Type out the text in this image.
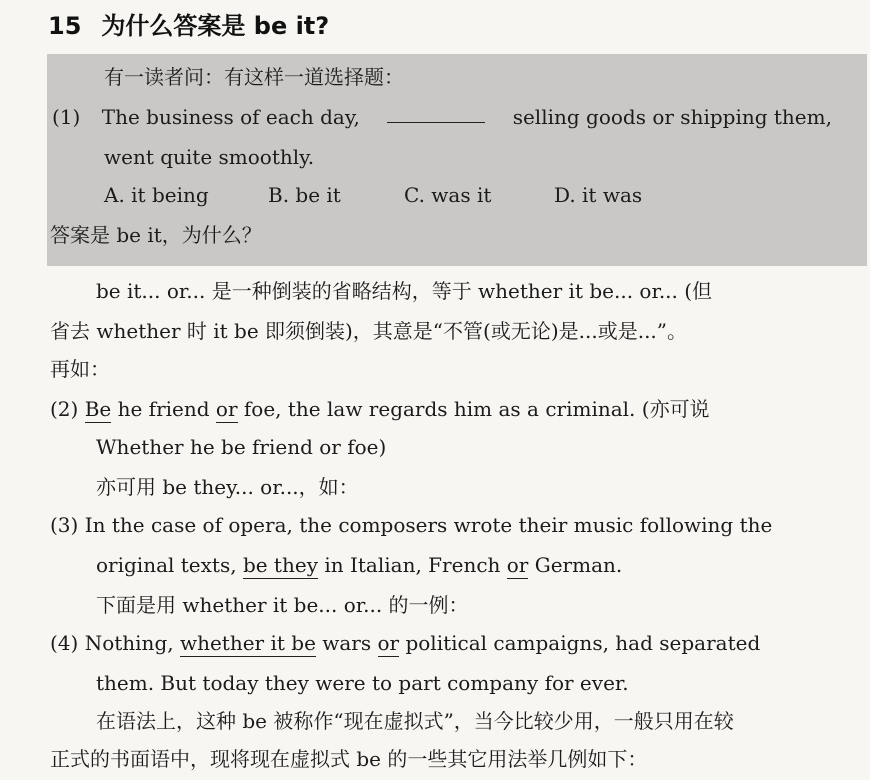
15 为什么答案是 be it?
有一读者问：有这样一道选择题：
(1) The business of each day,	selling goods or shipping them,
went quite smoothly.
A. it being	B. be it	C. was it	D. it was
答案是 be it，为什么？
be it... or... 是一种倒装的省略结构，等于 whether it be... or... (但
省去 whether 时 it be 即须倒装)，其意是“不管(或无论)是...或是...”。
再如：
(2) Be he friend or foe, the law regards him as a criminal. (亦可说
Whether he be friend or foe)
亦可用 be they... or...，如：
(3) In the case of opera, the composers wrote their music following the
original texts, be they in Italian, French or German.
下面是用 whether it be... or... 的一例：
(4) Nothing, whether it be wars or political campaigns, had separated
them. But today they were to part company for ever.
在语法上，这种 be 被称作“现在虚拟式”，当今比较少用，一般只用在较
正式的书面语中，现将现在虚拟式 be 的一些其它用法举几例如下：
